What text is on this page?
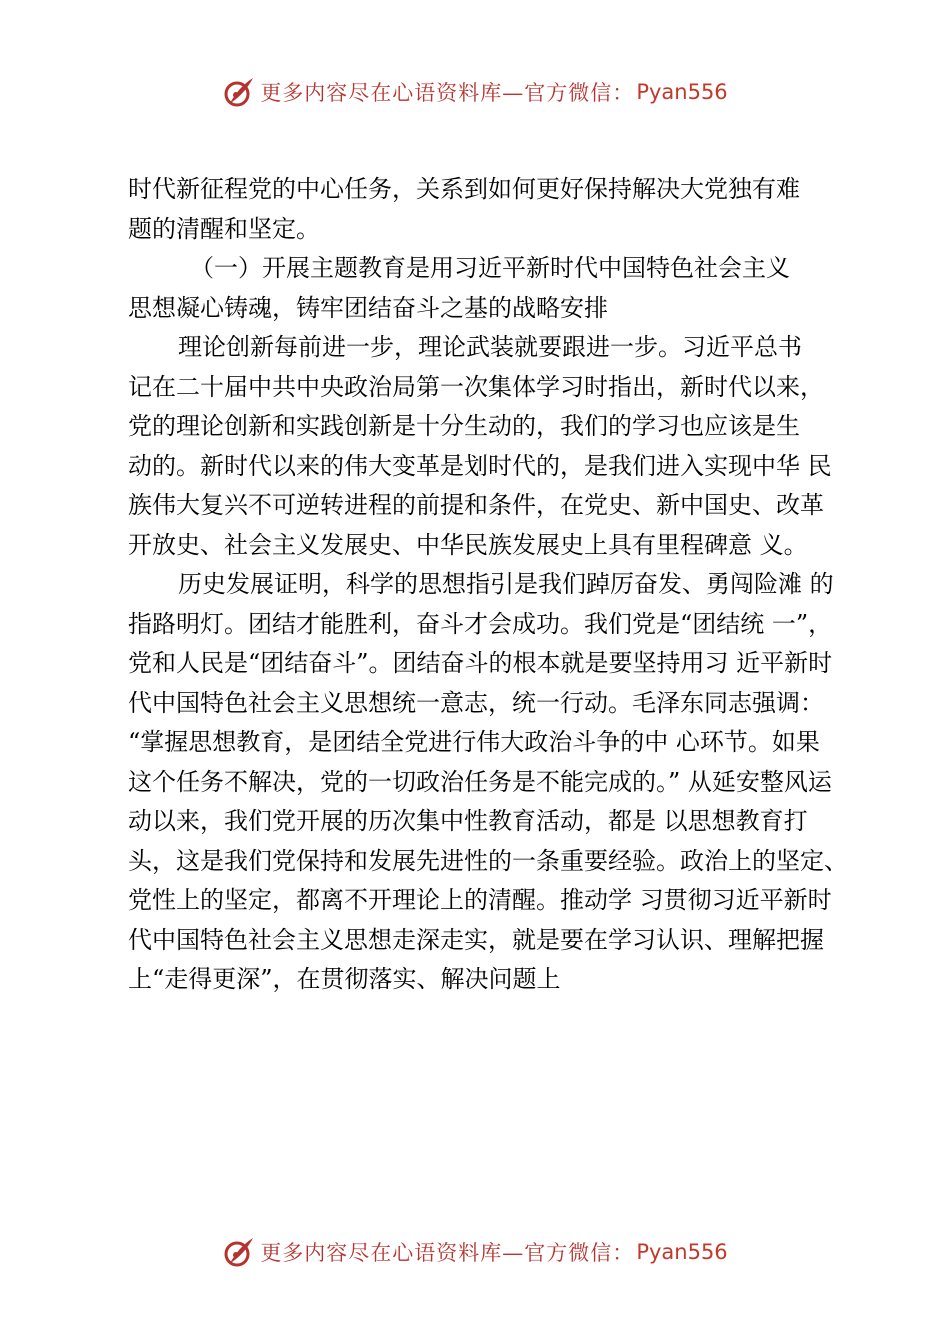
更多内容尽在心语资料库—官方微信： Pyan556
时代新征程党的中心任务，关系到如何更好保持解决大党独有难
题的清醒和坚定。
（一）开展主题教育是用习近平新时代中国特色社会主义
思想凝心铸魂，铸牢团结奋斗之基的战略安排
理论创新每前进一步，理论武装就要跟进一步。习近平总书
记在二十届中共中央政治局第一次集体学习时指出，新时代以来，
党的理论创新和实践创新是十分生动的，我们的学习也应该是生
动的。新时代以来的伟大变革是划时代的，是我们进入实现中华 民
族伟大复兴不可逆转进程的前提和条件，在党史、新中国史、改革
开放史、社会主义发展史、中华民族发展史上具有里程碑意 义。
历史发展证明，科学的思想指引是我们踔厉奋发、勇闯险滩 的
指路明灯。团结才能胜利，奋斗才会成功。我们党是“团结统 一”，
党和人民是“团结奋斗”。团结奋斗的根本就是要坚持用习 近平新时
代中国特色社会主义思想统一意志，统一行动。毛泽东同志强调：
“掌握思想教育，是团结全党进行伟大政治斗争的中 心环节。如果
这个任务不解决，党的一切政治任务是不能完成的。” 从延安整风运
动以来，我们党开展的历次集中性教育活动，都是 以思想教育打
头，这是我们党保持和发展先进性的一条重要经验。政治上的坚定、
党性上的坚定，都离不开理论上的清醒。推动学 习贯彻习近平新时
代中国特色社会主义思想走深走实，就是要在学习认识、理解把握
上“走得更深”，在贯彻落实、解决问题上
更多内容尽在心语资料库—官方微信： Pyan556
